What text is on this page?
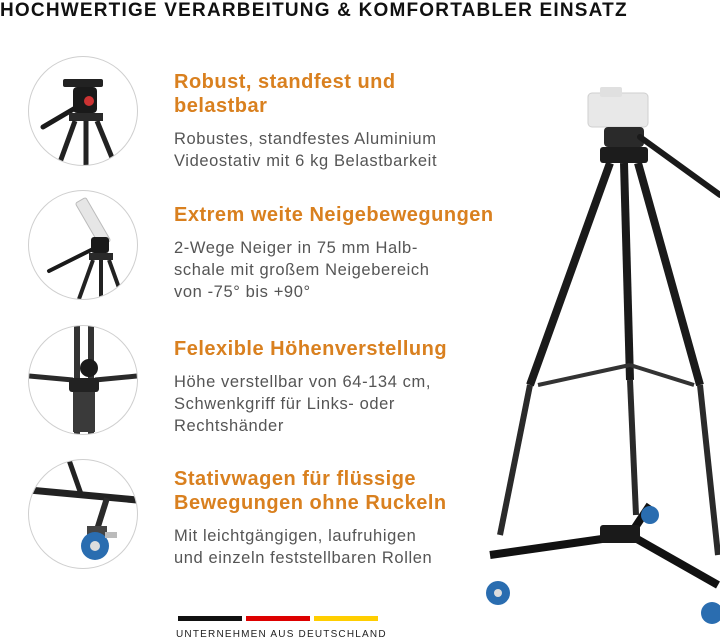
HOCHWERTIGE VERARBEITUNG & KOMFORTABLER EINSATZ
Robust, standfest und
belastbar
Robustes, standfestes Aluminium
Videostativ mit 6 kg Belastbarkeit
Extrem weite Neigebewegungen
2-Wege Neiger in 75 mm Halb-
schale mit großem Neigebereich
von -75° bis +90°
Felexible Höhenverstellung
Höhe verstellbar von 64-134 cm,
Schwenkgriff für Links- oder
Rechtshänder
Stativwagen für flüssige
Bewegungen ohne Ruckeln
Mit leichtgängigen, laufruhigen
und einzeln feststellbaren Rollen
UNTERNEHMEN AUS DEUTSCHLAND
